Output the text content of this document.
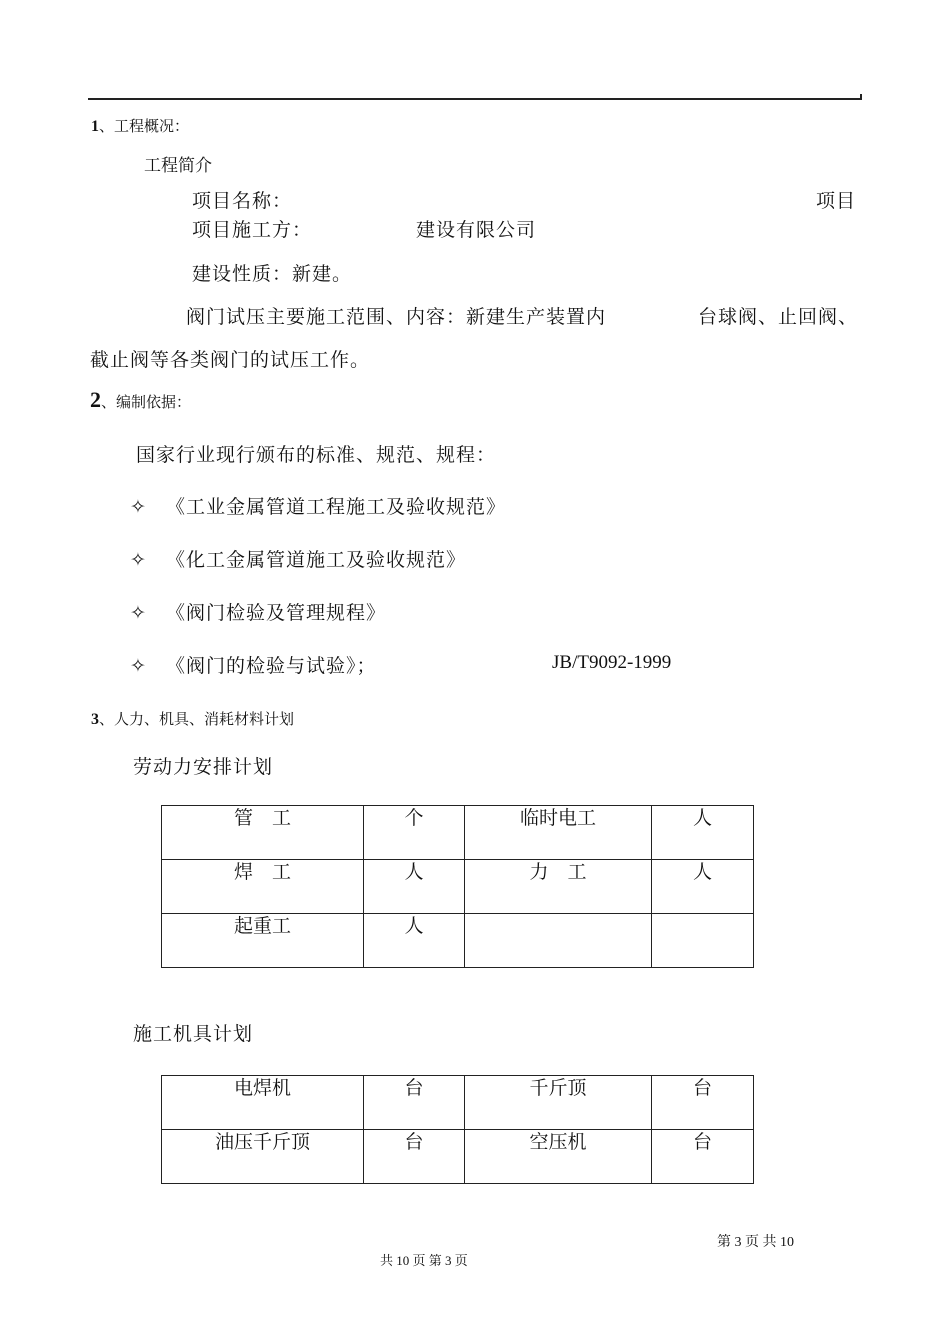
1、工程概况：
工程简介
项目名称：	项目
项目施工方：	建设有限公司
建设性质：新建。
阀门试压主要施工范围、内容：新建生产装置内	台球阀、止回阀、
截止阀等各类阀门的试压工作。
2、编制依据：
国家行业现行颁布的标准、规范、规程：
✧ 《工业金属管道工程施工及验收规范》
✧ 《化工金属管道施工及验收规范》
✧ 《阀门检验及管理规程》
✧ 《阀门的检验与试验》；	JB/T9092-1999
3、人力、机具、消耗材料计划
劳动力安排计划
管　工	个	临时电工	人

焊　工	人	力　工	人

起重工	人		

施工机具计划
电焊机	台	千斤顶	台

油压千斤顶	台	空压机	台
第 3 页 共 10
共 10 页 第 3 页
